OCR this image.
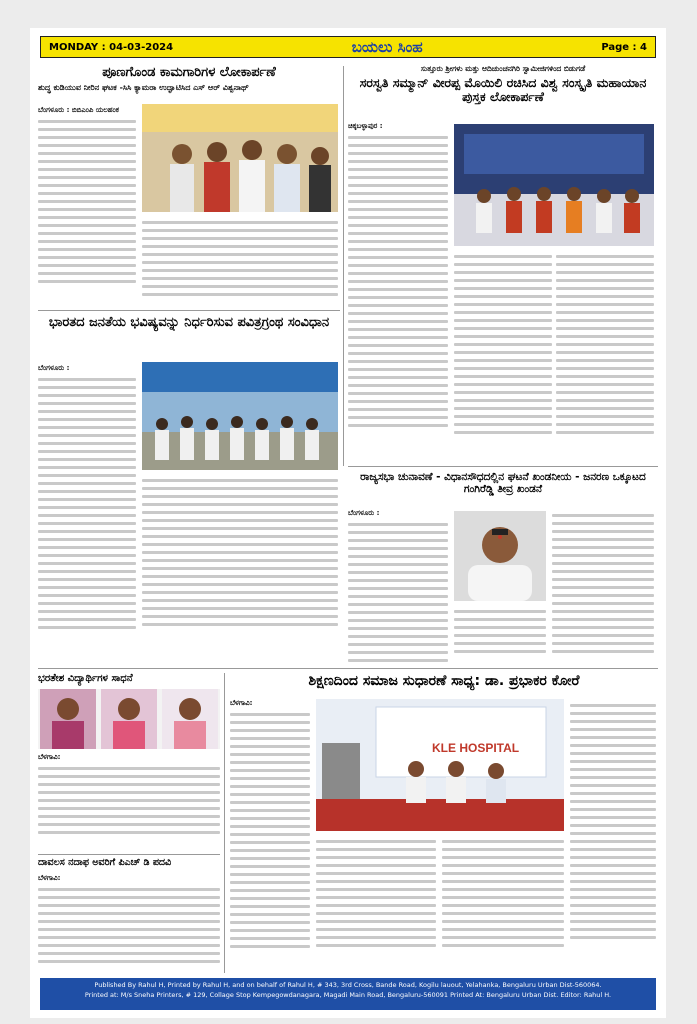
MONDAY : 04-03-2024	ಬಯಲು ಸಿಂಹ	Page : 4
ಪೂಣಗೊಂಡ ಕಾಮಗಾರಿಗಳ ಲೋಕಾರ್ಪಣೆ
ಶುದ್ಧ ಕುಡಿಯುವ ನೀರಿನ ಘಟಕ -ಸಿಸಿ ಕ್ಯಾಮರಾ ಉದ್ಘಾಟಿಸಿದ ಎಸ್ ಆರ್ ವಿಶ್ವನಾಥ್
ಬೆಂಗಳೂರು : ಬಿಬಿಎಂಪಿ ಯಲಹಂಕ
ಸುತ್ತೂರು ಶ್ರೀಗಳು ಮತ್ತು ಆದಿಚುಂಚನಗಿರಿ ಸ್ವಾಮೀಜಿಗಳಿಂದ ಬಿಡುಗಡೆ
ಸರಸ್ವತಿ ಸಮ್ಮಾನ್ ವೀರಪ್ಪ ಮೊಯಿಲಿ ರಚಿಸಿದ ವಿಶ್ವ ಸಂಸ್ಕೃತಿ ಮಹಾಯಾನ ಪುಸ್ತಕ ಲೋಕಾರ್ಪಣೆ
ಚಿಕ್ಕಬಳ್ಳಾಪುರ :
ಭಾರತದ ಜನತೆಯ ಭವಿಷ್ಯವನ್ನು ನಿರ್ಧರಿಸುವ ಪವಿತ್ರಗ್ರಂಥ ಸಂವಿಧಾನ
ಬೆಂಗಳೂರು :
ರಾಜ್ಯಸಭಾ ಚುನಾವಣೆ - ವಿಧಾನಸೌಧದಲ್ಲಿನ ಘಟನೆ ಖಂಡನೀಯ - ಜನರಣ ಒಕ್ಕೂಟದ ಗಂಗಿರೆಡ್ಡಿ ತೀವ್ರ ಖಂಡನೆ
ಬೆಂಗಳೂರು :
ಭರತೇಶ ವಿದ್ಯಾರ್ಥಿಗಳ ಸಾಧನೆ
ಬೆಳಗಾವಿ:
ದಾವಲಸ ನದಾಫ ಅವರಿಗೆ ಪಿಎಚ್ ಡಿ ಪದವಿ
ಬೆಳಗಾವಿ:
ಶಿಕ್ಷಣದಿಂದ ಸಮಾಜ ಸುಧಾರಣೆ ಸಾಧ್ಯ: ಡಾ. ಪ್ರಭಾಕರ ಕೋರೆ
ಬೆಳಗಾವಿ:
KLE HOSPITAL
Published By Rahul H, Printed by Rahul H, and on behalf of Rahul H, # 343, 3rd Cross, Bande Road, Kogilu lauout, Yelahanka, Bengaluru Urban Dist-560064.
Printed at: M/s Sneha Printers, # 129, Collage Stop Kempegowdanagara, Magadi Main Road, Bengaluru-560091 Printed At: Bengaluru Urban Dist. Editor: Rahul H.
